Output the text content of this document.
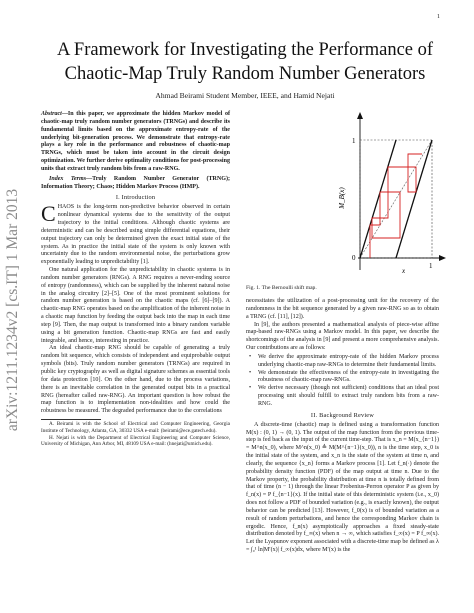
1
arXiv:1211.1234v2 [cs.IT] 1 Mar 2013
A Framework for Investigating the Performance of
Chaotic-Map Truly Random Number Generators
Ahmad Beirami Student Member, IEEE, and Hamid Nejati

Abstract—In this paper, we approximate the hidden Markov model of chaotic-map truly random number generators (TRNGs) and describe its fundamental limits based on the approximate entropy-rate of the underlying bit-generation process. We demonstrate that entropy-rate plays a key role in the performance and robustness of chaotic-map TRNGs, which must be taken into account in the circuit design optimization. We further derive optimality conditions for post-processing units that extract truly random bits from a raw-RNG.

Index Terms—Truly Random Number Generator (TRNG); Information Theory; Chaos; Hidden Markov Process (HMP).

I. Introduction

CHAOS is the long-term non-predictive behavior observed in certain nonlinear dynamical systems due to the sensitivity of the output trajectory to the initial conditions. Although chaotic systems are deterministic and can be described using simple differential equations, their output trajectory can only be determined given the exact initial state of the system. As in practice the initial state of the system is only known with uncertainty due to the random environmental noise, the perturbations grow exponentially leading to unpredictability [1].

One natural application for the unpredictability in chaotic systems is in random number generators (RNGs). A RNG requires a never-ending source of entropy (randomness), which can be supplied by the inherent natural noise in the analog circuitry [2]–[5]. One of the most prominent solutions for random number generation is based on the chaotic maps (cf. [6]–[9]). A chaotic-map RNG operates based on the amplification of the inherent noise in a chaotic map function by feeding the output back into the map in each time step [9]. Then, the map output is transformed into a binary random variable using a bit generation function. Chaotic-map RNGs are fast and easily integrable, and hence, interesting in practice.

An ideal chaotic-map RNG should be capable of generating a truly random bit sequence, which consists of independent and equiprobable output symbols (bits). Truly random number generators (TRNGs) are required in public key cryptography as well as digital signature schemes as essential tools for data protection [10]. On the other hand, due to the process variations, there is an inevitable correlation in the generated output bits in a practical RNG (hereafter called raw-RNG). An important question is how robust the map function is to implementation non-idealities and how could the robustness be measured. The degraded performance due to the correlations

A. Beirami is with the School of Electrical and Computer Engineering, Georgia Institute of Technology, Atlanta, GA, 30332 USA e-mail: (beirami@ece.gatech.edu).

H. Nejati is with the Department of Electrical Engineering and Computer Science, University of Michigan, Ann Arbor, MI, 48109 USA e-mail: (hnejati@umich.edu).

1
0
1
x
M_B(x)
Fig. 1. The Bernoulli shift map.

necessitates the utilization of a post-processing unit for the recovery of the randomness in the bit sequence generated by a given raw-RNG so as to obtain a TRNG (cf. [11], [12]).

In [9], the authors presented a mathematical analysis of piece-wise affine map-based raw-RNGs using a Markov model. In this paper, we describe the shortcomings of the analysis in [9] and present a more comprehensive analysis. Our contributions are as follows:

• We derive the approximate entropy-rate of the hidden Markov process underlying chaotic-map raw-RNGs to determine their fundamental limits.
• We demonstrate the effectiveness of the entropy-rate in investigating the robustness of chaotic-map raw-RNGs.
• We derive necessary (though not sufficient) conditions that an ideal post processing unit should fulfill to extract truly random bits from a raw-RNG.

II. Background Review

A discrete-time (chaotic) map is defined using a transformation function M(x) : (0, 1) → (0, 1). The output of the map function from the previous time-step is fed back as the input of the current time-step. That is x_n = M(x_{n−1}) = M^n(x_0), where M^n(x_0) ≜ M(M^{n−1}(x_0)), n is the time step, x_0 is the initial state of the system, and x_n is the state of the system at time n, and clearly, the sequence {x_n} forms a Markov process [1]. Let f_n(·) denote the probability density function (PDF) of the map output at time n. Due to the Markov property, the probability distribution at time n is totally defined from that of time (n − 1) through the linear Frobenius-Perron operator P as given by f_n(x) = P f_{n−1}(x). If the initial state of this deterministic system (i.e., x_0) does not follow a PDF of bounded variation (e.g., is exactly known), the output behavior can be predicted [13]. However, f_0(x) is of bounded variation as a result of random perturbations, and hence the corresponding Markov chain is ergodic. Hence, f_n(x) asymptotically approaches a fixed steady-state distribution denoted by f_∞(x) when n → ∞, which satisfies f_∞(x) = P f_∞(x). Let the Lyapunov exponent associated with a discrete-time map be defined as λ = ∫₀¹ ln|M′(x)| f_∞(x)dx, where M′(x) is the
